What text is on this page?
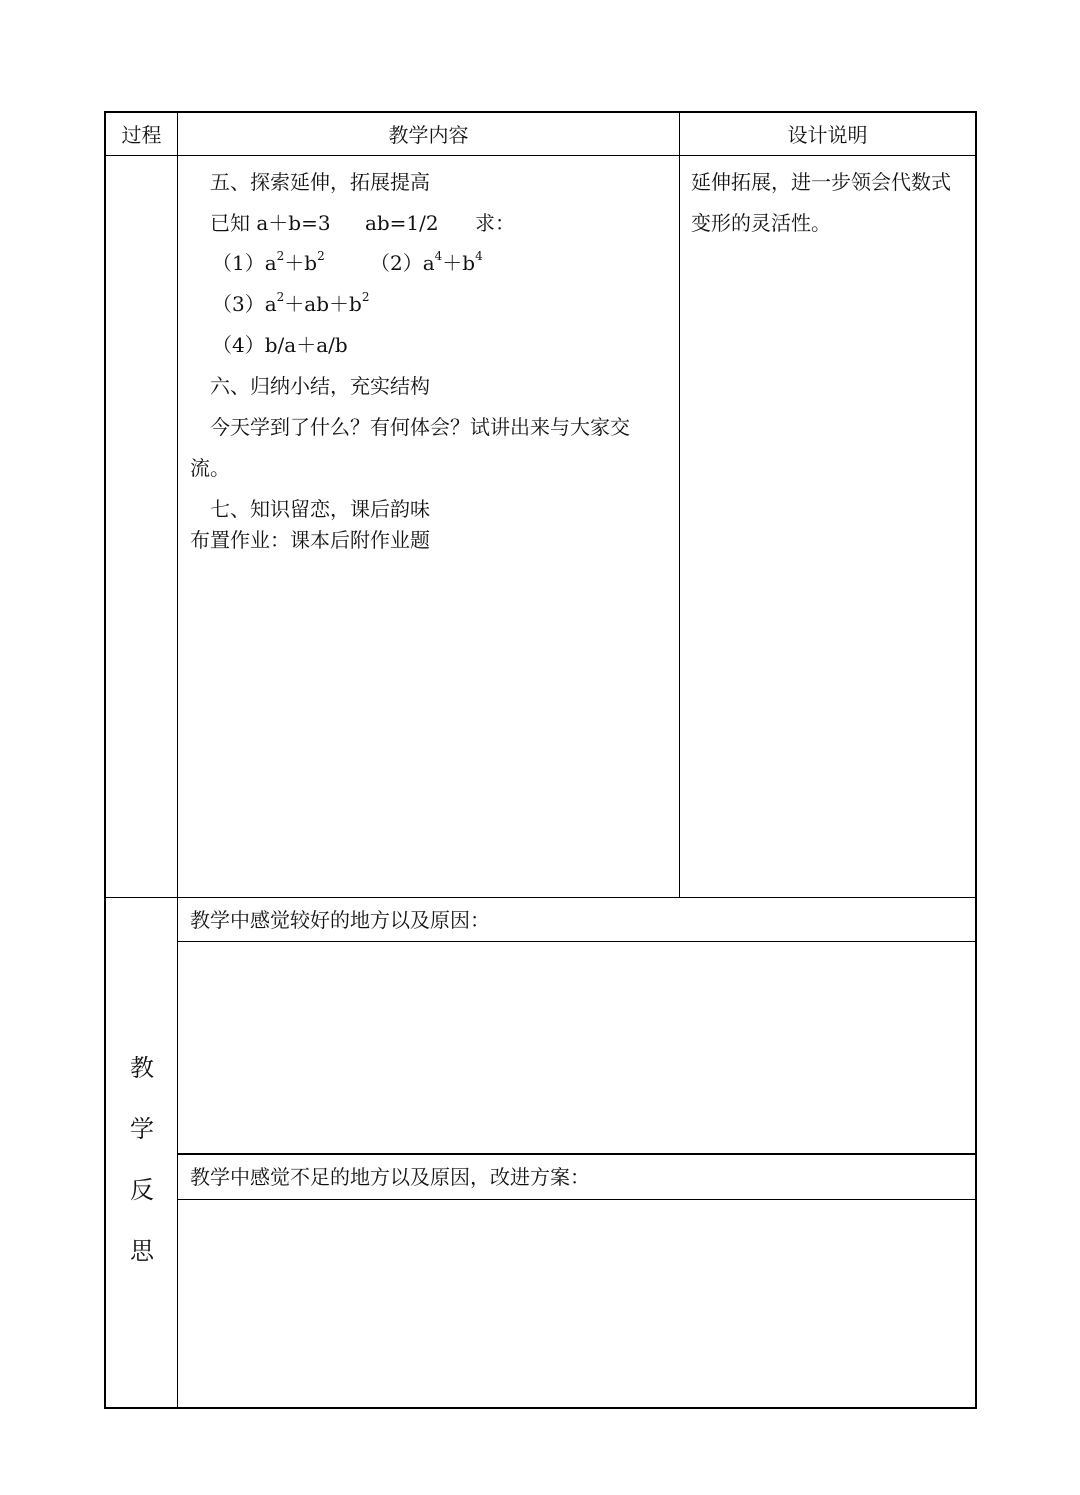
过程	教学内容	设计说明

五、探索延伸，拓展提高

已知 a＋b=3 ab=1/2 求：

$(1)a^2+b^2$ $(2)a^4+b^4$

$(3)a^2+ab+b^2$

（4）b/a＋a/b

六、归纳小结，充实结构

今天学到了什么？有何体会？试讲出来与大家交

流。

七、知识留恋，课后韵味

布置作业：课本后附作业题

延伸拓展，进一步领会代数式
变形的灵活性。
教
学
反
思
教学中感觉较好的地方以及原因：
教学中感觉不足的地方以及原因，改进方案：
